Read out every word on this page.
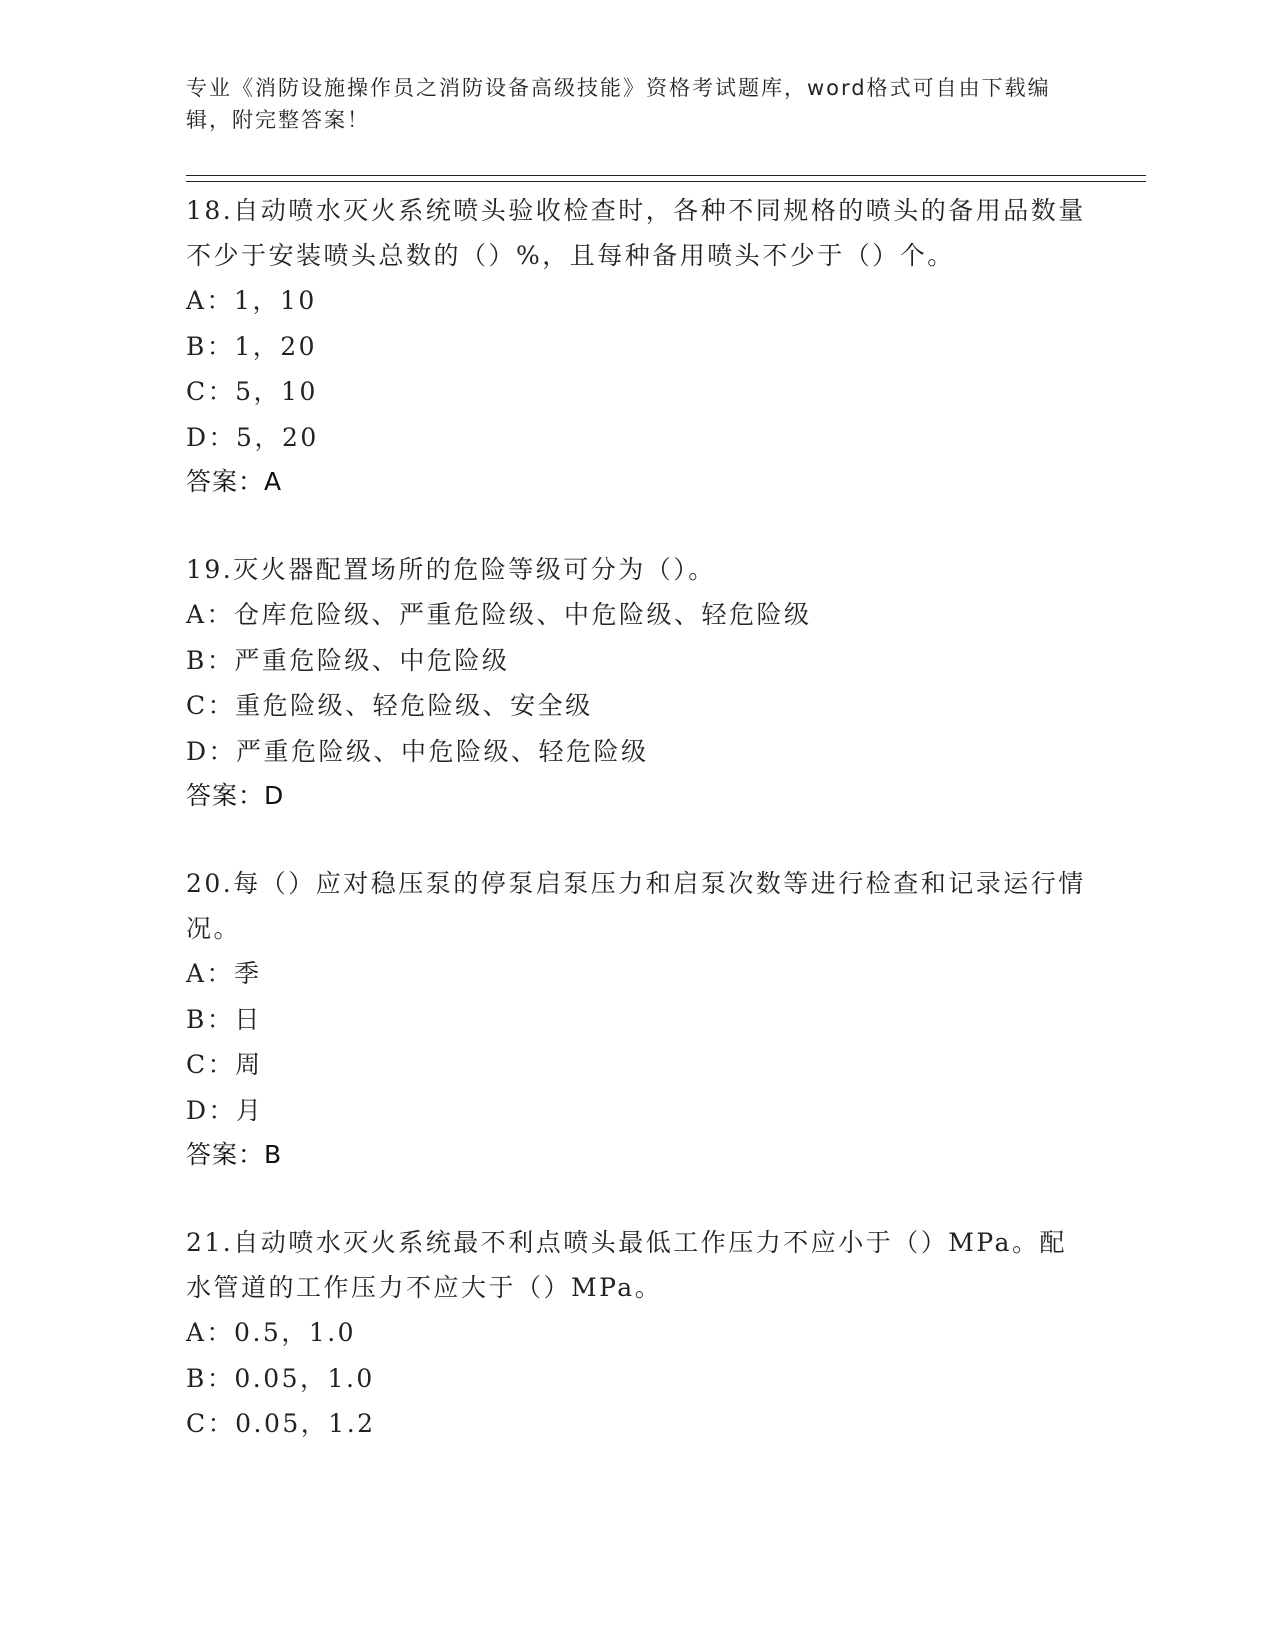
专业《消防设施操作员之消防设备高级技能》资格考试题库，word格式可自由下载编辑，附完整答案！

18.自动喷水灭火系统喷头验收检查时，各种不同规格的喷头的备用品数量不少于安装喷头总数的（）%，且每种备用喷头不少于（）个。

A：1，10
B：1，20
C：5，10
D：5，20
答案：A

19.灭火器配置场所的危险等级可分为（）。

A：仓库危险级、严重危险级、中危险级、轻危险级
B：严重危险级、中危险级
C：重危险级、轻危险级、安全级
D：严重危险级、中危险级、轻危险级
答案：D

20.每（）应对稳压泵的停泵启泵压力和启泵次数等进行检查和记录运行情况。

A：季
B：日
C：周
D：月
答案：B

21.自动喷水灭火系统最不利点喷头最低工作压力不应小于（）MPa。配水管道的工作压力不应大于（）MPa。

A：0.5，1.0
B：0.05，1.0
C：0.05，1.2
